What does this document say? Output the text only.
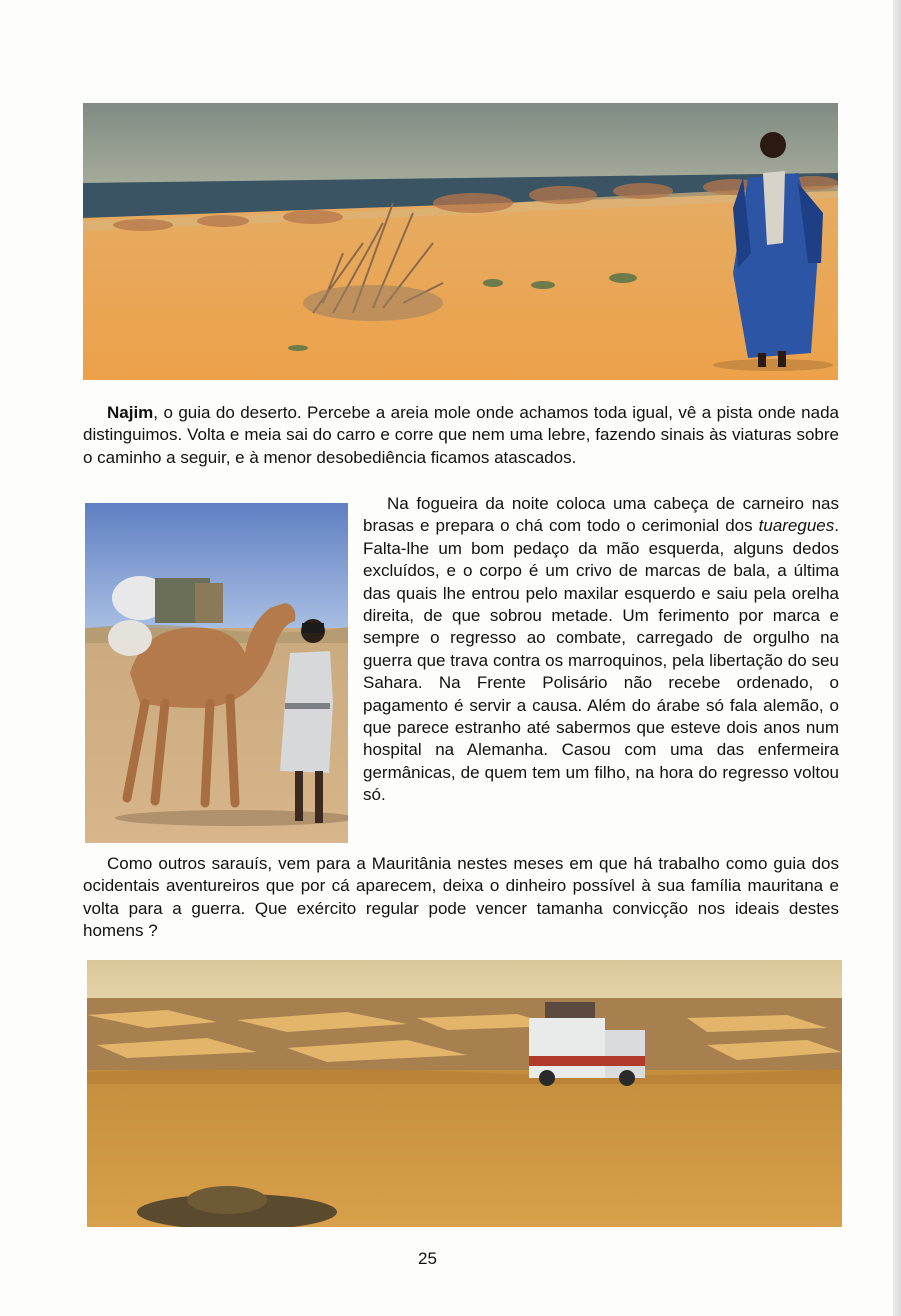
Najim, o guia do deserto. Percebe a areia mole onde achamos toda igual, vê a pista onde nada distinguimos. Volta e meia sai do carro e corre que nem uma lebre, fazendo sinais às viaturas sobre o caminho a seguir, e à menor desobediência ficamos atascados.

Na fogueira da noite coloca uma cabeça de carneiro nas brasas e prepara o chá com todo o cerimonial dos tuaregues. Falta-lhe um bom pedaço da mão esquerda, alguns dedos excluídos, e o corpo é um crivo de marcas de bala, a última das quais lhe entrou pelo maxilar esquerdo e saiu pela orelha direita, de que sobrou metade. Um ferimento por marca e sempre o regresso ao combate, carregado de orgulho na guerra que trava contra os marroquinos, pela libertação do seu Sahara. Na Frente Polisário não recebe ordenado, o pagamento é servir a causa. Além do árabe só fala alemão, o que parece estranho até sabermos que esteve dois anos num hospital na Alemanha. Casou com uma das enfermeira germânicas, de quem tem um filho, na hora do regresso voltou só.

Como outros sarauís, vem para a Mauritânia nestes meses em que há trabalho como guia dos ocidentais aventureiros que por cá aparecem, deixa o dinheiro possível à sua família mauritana e volta para a guerra. Que exército regular pode vencer tamanha convicção nos ideais destes homens ?

25
